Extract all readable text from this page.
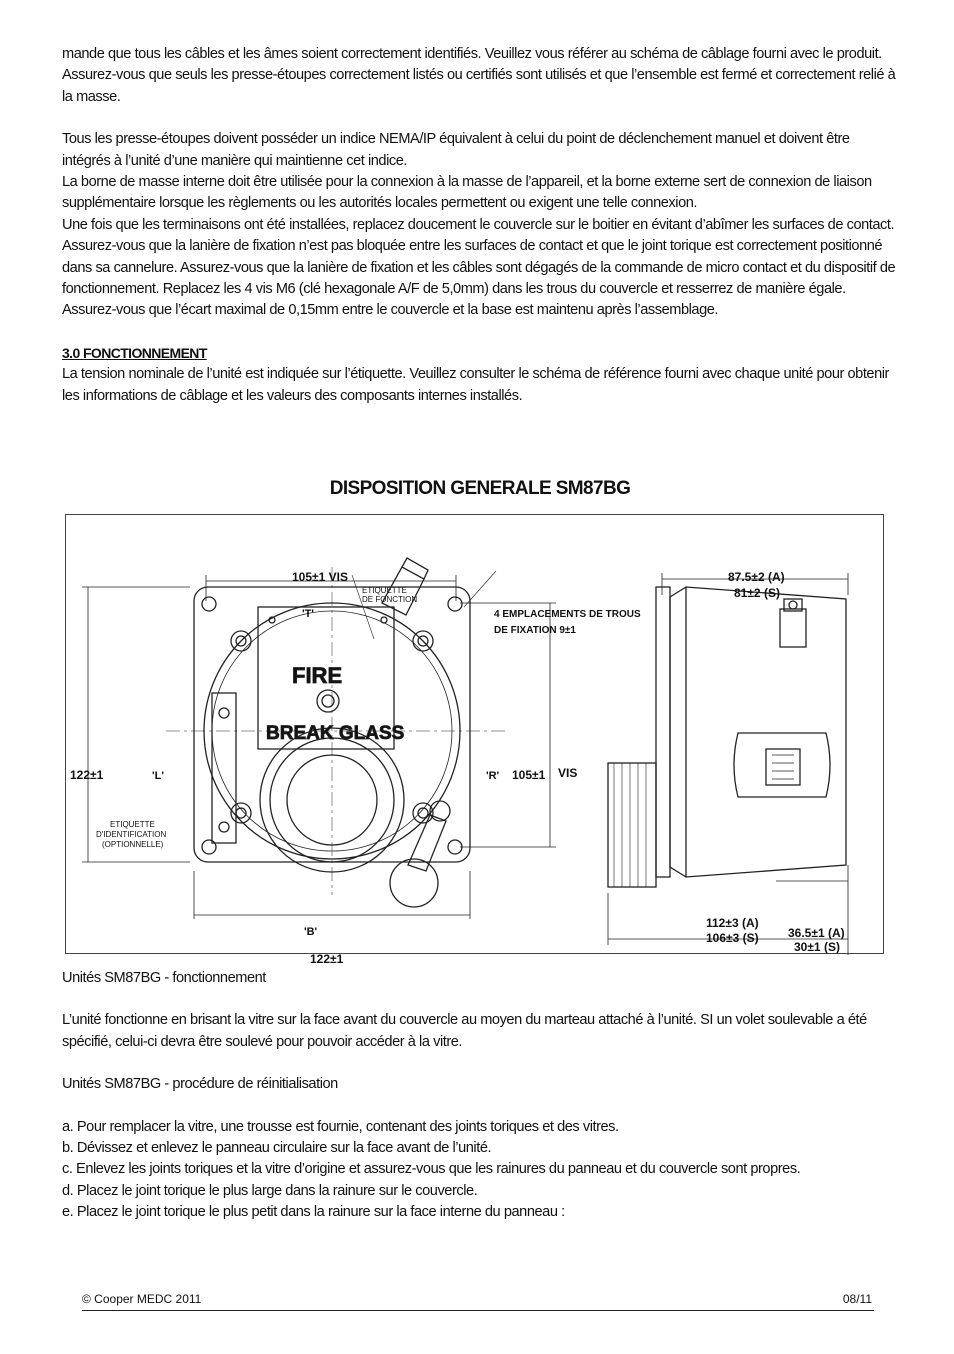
mande que tous les câbles et les âmes soient correctement identifiés. Veuillez vous référer au schéma de câblage fourni avec le produit.

Assurez-vous que seuls les presse-étoupes correctement listés ou certifiés sont utilisés et que l’ensemble est fermé et correctement relié à la masse.

Tous les presse-étoupes doivent posséder un indice NEMA/IP équivalent à celui du point de déclenchement manuel et doivent être intégrés à l’unité d’une manière qui maintienne cet indice.

La borne de masse interne doit être utilisée pour la connexion à la masse de l’appareil, et la borne externe sert de connexion de liaison supplémentaire lorsque les règlements ou les autorités locales permettent ou exigent une telle connexion.

Une fois que les terminaisons ont été installées, replacez doucement le couvercle sur le boitier en évitant d’abîmer les surfaces de contact. Assurez-vous que la lanière de fixation n’est pas bloquée entre les surfaces de contact et que le joint torique est correctement positionné dans sa cannelure. Assurez-vous que la lanière de fixation et les câbles sont dégagés de la commande de micro contact et du dispositif de fonctionnement. Replacez les 4 vis M6 (clé hexagonale A/F de 5,0mm) dans les trous du couvercle et resserrez de manière égale. Assurez-vous que l’écart maximal de 0,15mm entre le couvercle et la base est maintenu après l’assemblage.

3.0 FONCTIONNEMENT

La tension nominale de l’unité est indiquée sur l’étiquette. Veuillez consulter le schéma de référence fourni avec chaque unité pour obtenir les informations de câblage et les valeurs des composants internes installés.

DISPOSITION GENERALE SM87BG
105±1 VIS
ETIQUETTE
DE FONCTION
'T'	4 EMPLACEMENTS DE TROUS
DE FIXATION 9±1
FIRE
BREAK GLASS
122±1	'L'	'R' 105±1 VIS
ETIQUETTE
D'IDENTIFICATION
(OPTIONNELLE)
'B'
122±1
87.5±2 (A)
81±2 (S)
36.5±1 (A)
30±1 (S)

Unités SM87BG - fonctionnement

L’unité fonctionne en brisant la vitre sur la face avant du couvercle au moyen du marteau attaché à l’unité. SI un volet soulevable a été spécifié, celui-ci devra être soulevé pour pouvoir accéder à la vitre.

Unités SM87BG - procédure de réinitialisation

a. Pour remplacer la vitre, une trousse est fournie, contenant des joints toriques et des vitres.

b. Dévissez et enlevez le panneau circulaire sur la face avant de l’unité.

c. Enlevez les joints toriques et la vitre d’origine et assurez-vous que les rainures du panneau et du couvercle sont propres.

d. Placez le joint torique le plus large dans la rainure sur le couvercle.

e. Placez le joint torique le plus petit dans la rainure sur la face interne du panneau :

112±3 (A)
106±3 (S)
© Cooper MEDC 2011	08/11
